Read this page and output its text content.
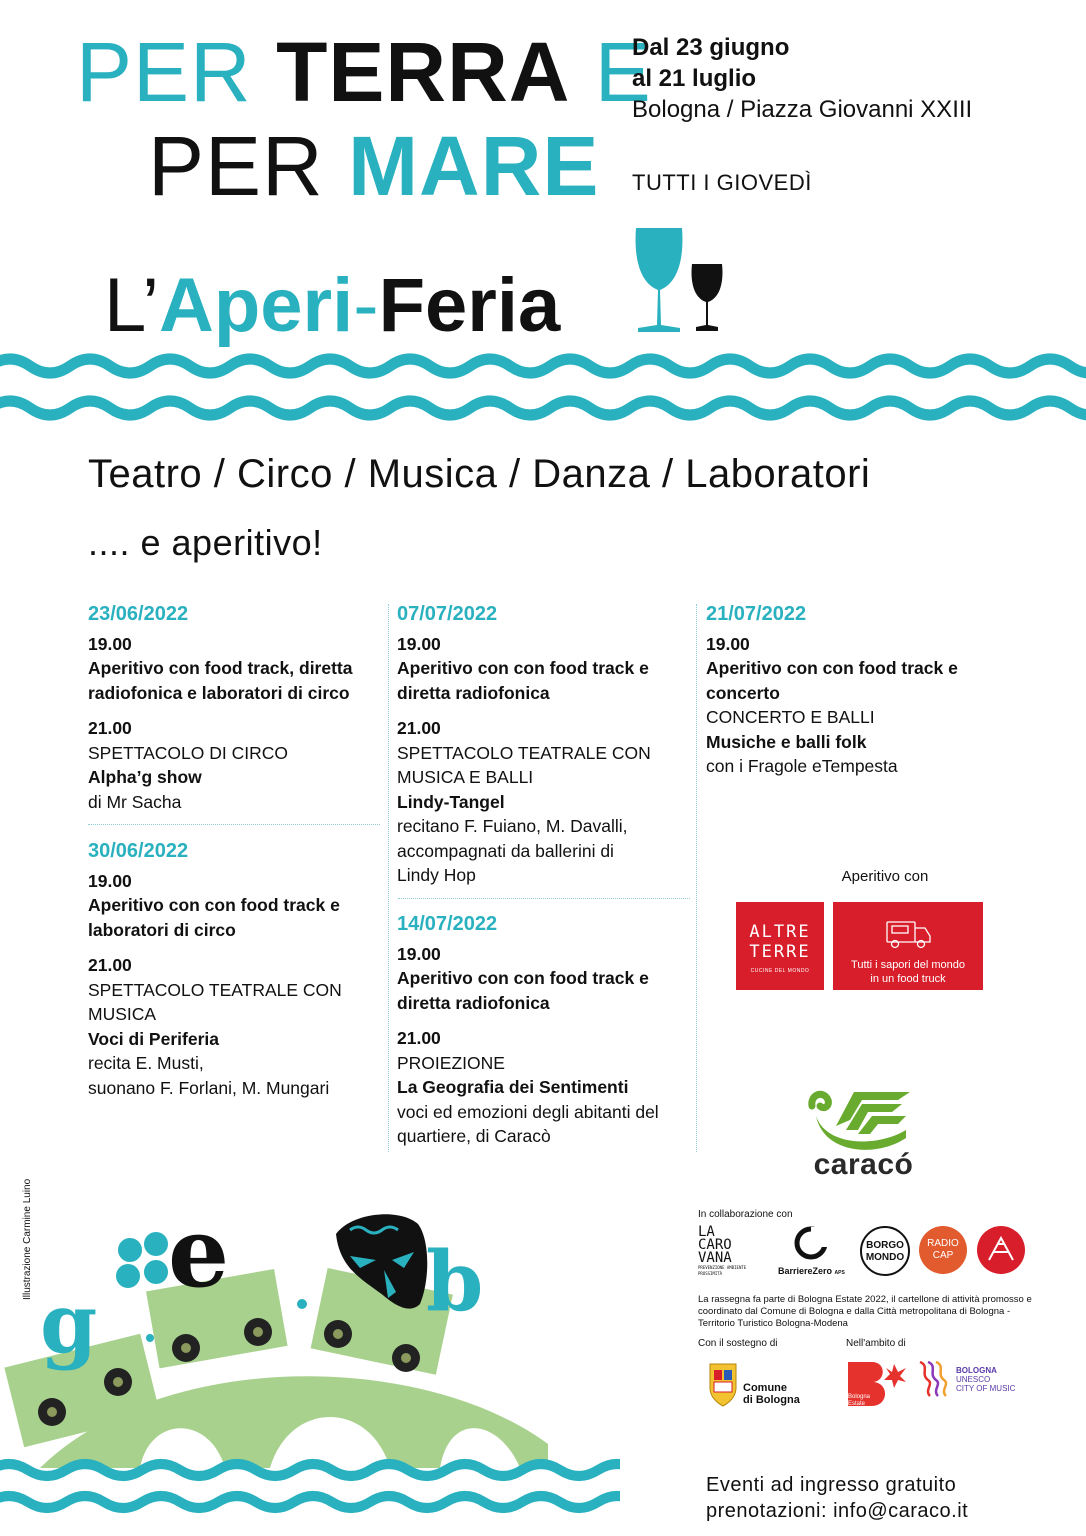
PER TERRA E
PER MARE
Dal 23 giugno
al 21 luglio
Bologna / Piazza Giovanni XXIII
TUTTI I GIOVEDÌ
L’Aperi-Feria
Teatro / Circo / Musica / Danza / Laboratori
.... e aperitivo!
23/06/2022
19.00
Aperitivo con food track, diretta radiofonica e laboratori di circo
21.00
SPETTACOLO DI CIRCO
Alpha’g show
di Mr Sacha
30/06/2022
19.00
Aperitivo con con food track e laboratori di circo
21.00
SPETTACOLO TEATRALE CON MUSICA
Voci di Periferia
recita E. Musti,
suonano F. Forlani, M. Mungari
07/07/2022
19.00
Aperitivo con con food track e diretta radiofonica
21.00
SPETTACOLO TEATRALE CON MUSICA E BALLI
Lindy-Tangel
recitano F. Fuiano, M. Davalli, accompagnati da ballerini di Lindy Hop
14/07/2022
19.00
Aperitivo con con food track e diretta radiofonica
21.00
PROIEZIONE
La Geografia dei Sentimenti
voci ed emozioni degli abitanti del quartiere, di Caracò
21/07/2022
19.00
Aperitivo con con food track e concerto
CONCERTO E BALLI
Musiche e balli folk
con i Fragole eTempesta
Aperitivo con
ALTRE
TERRE
CUCINE DEL MONDO	Tutti i sapori del mondo
in un food truck
caracó
In collaborazione con
LA
CARO
VANA
PREVENZIONE AMBIENTE PROSSIMITÀ	BarriereZero APS
BORGO
MONDO
RADIO
CAP
La rassegna fa parte di Bologna Estate 2022, il cartellone di attività promosso e coordinato dal Comune di Bologna e dalla Città metropolitana di Bologna - Territorio Turistico Bologna-Modena
Con il sostegno di
Comune
di Bologna
Nell'ambito di
Bologna
Estate
BOLOGNA
UNESCO
CITY OF MUSIC
Illustrazione Carmine Luino
g
e b
Eventi ad ingresso gratuito
prenotazioni: info@caraco.it
